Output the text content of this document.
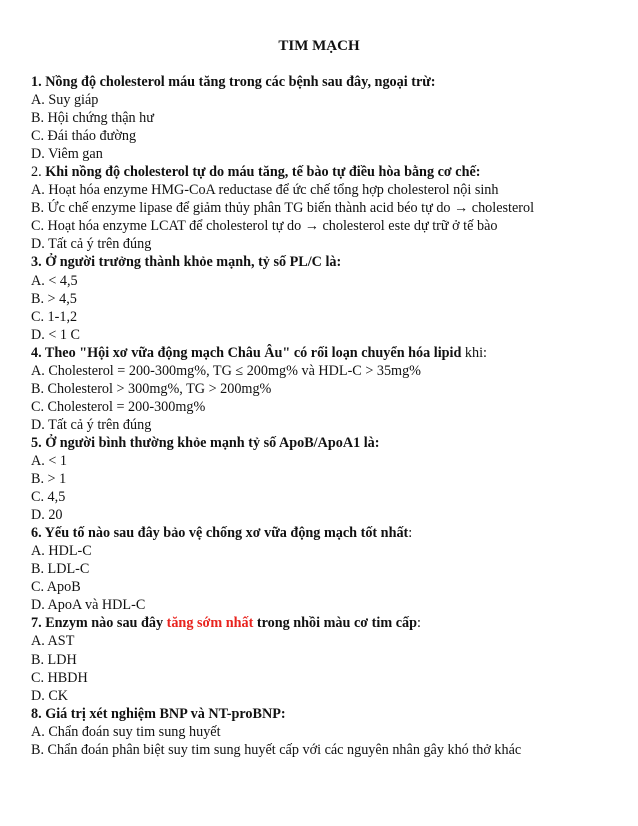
TIM MẠCH
1. Nồng độ cholesterol máu tăng trong các bệnh sau đây, ngoại trừ:
A. Suy giáp
B. Hội chứng thận hư
C. Đái tháo đường
D. Viêm gan
2. Khi nồng độ cholesterol tự do máu tăng, tế bào tự điều hòa bằng cơ chế:
A. Hoạt hóa enzyme HMG-CoA reductase để ức chế tổng hợp cholesterol nội sinh
B. Ức chế enzyme lipase để giảm thủy phân TG biến thành acid béo tự do → cholesterol
C. Hoạt hóa enzyme LCAT để cholesterol tự do → cholesterol este dự trữ ở tế bào
D. Tất cả ý trên đúng
3. Ở người trưởng thành khỏe mạnh, tỷ số PL/C là:
A. < 4,5
B. > 4,5
C. 1-1,2
D. < 1 C
4. Theo "Hội xơ vữa động mạch Châu Âu" có rối loạn chuyển hóa lipid khi:
A. Cholesterol = 200-300mg%, TG ≤ 200mg% và HDL-C > 35mg%
B. Cholesterol > 300mg%, TG > 200mg%
C. Cholesterol = 200-300mg%
D. Tất cả ý trên đúng
5. Ở người bình thường khỏe mạnh tỷ số ApoB/ApoA1 là:
A. < 1
B. > 1
C. 4,5
D. 20
6. Yếu tố nào sau đây bảo vệ chống xơ vữa động mạch tốt nhất:
A. HDL-C
B. LDL-C
C. ApoB
D. ApoA và HDL-C
7. Enzym nào sau đây tăng sớm nhất trong nhồi màu cơ tim cấp:
A. AST
B. LDH
C. HBDH
D. CK
8. Giá trị xét nghiệm BNP và NT-proBNP:
A. Chẩn đoán suy tim sung huyết
B. Chẩn đoán phân biệt suy tim sung huyết cấp với các nguyên nhân gây khó thở khác
